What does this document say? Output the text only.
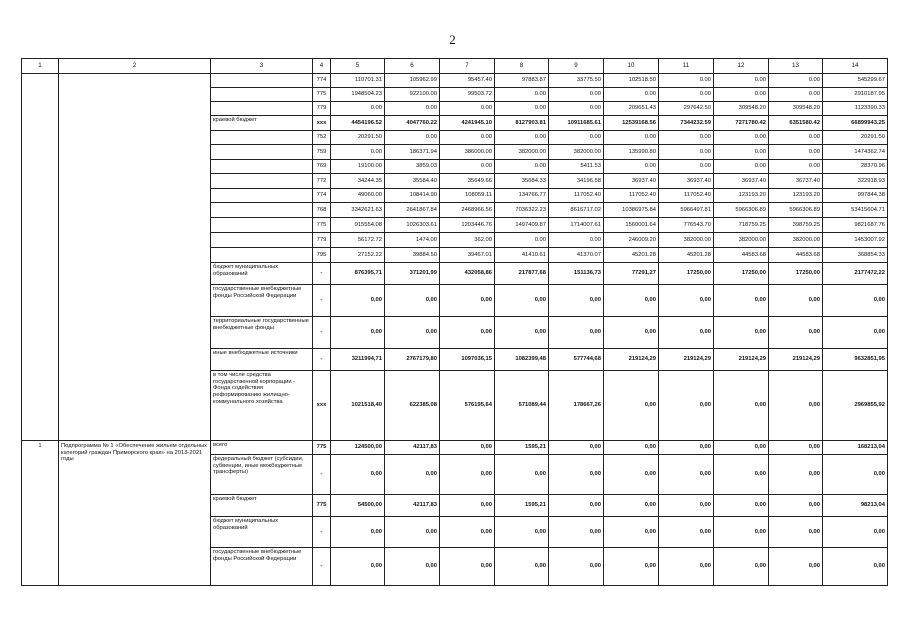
2
1	2	3	4	5	6	7	8	9	10	11	12	13	14
			774	110701.31	105962.99	95457.40	97883.87	33775.50	102518.50	0.00	0.00	0.00	545299.67
			775	1948504.23	922100.00	99503.72	0.00	0.00	0.00	0.00	0.00	0.00	2910187.95
			779	0.00	0.00	0.00	0.00	0.00	209651.43	297642.50	309548.20	309548.20	1123390.33
		краевой бюджет	ххх	4454196.52	4047760.22	4241945.10	8127903.81	10911685.61	12539168.56	7344232.59	7271780.42	6351580.42	66899943.25
			752	20291.50	0.00	0.00	0.00	0.00	0.00	0.00	0.00	0.00	20291.50
			759	0.00	186371.94	386000.00	382000.00	382000.00	135990.80	0.00	0.00	0.00	1474362.74
			769	19100.00	3859.03	0.00	0.00	5411.53	0.00	0.00	0.00	0.00	28370.96
			772	34244.35	35584.40	35649.66	35684.33	34196.58	36937.40	36937.40	36937.40	36737.40	322918.93
			774	49060.00	108414.90	108059.11	134766.77	117052.40	117052.40	117052.40	123193.20	123193.20	997844.38
			768	3342621.63	2641867.84	2468966.56	7036322.23	8616717.02	10386975.84	5966497.81	5966306.89	5966306.89	53415604.71
			775	915554.08	1026303.61	1203446.76	1497409.87	1714007.61	1560001.64	776543.70	718759.25	398759.25	9821687.76
			779	56172.72	1474.00	362.00	0.00	0.00	246009.20	382000.00	382000.00	382000.00	1453007.92
			795	27152.22	39884.50	39467.01	41410.61	41370.07	45201.28	45201.28	44583.68	44583.68	368854.33
		бюджет муниципальных образований	-	876395,71	371201,99	432058,86	217877,68	151136,73	77291,27	17250,00	17250,00	17250,00	2177472,22
		государственные внебюджетные фонды Российской Федерации	-	0,00	0,00	0,00	0,00	0,00	0,00	0,00	0,00	0,00	0,00
		территориальные государственные внебюджетные фонды	-	0,00	0,00	0,00	0,00	0,00	0,00	0,00	0,00	0,00	0,00
		иные внебюджетные источники	-	3211994,71	2767179,80	1097036,15	1082399,48	577744,68	219124,29	219124,29	219124,29	219124,29	9632851,95
		в том числе средства государственной корпорации - Фонда содействия реформированию жилищно-коммунального хозяйства	ххх	1021518,40	622385,08	576195,64	571089,44	178667,26	0,00	0,00	0,00	0,00	2969855,92
1	Подпрограмма № 1 «Обеспечение жильем отдельных категорий граждан Приморского края» на 2013-2021 годы	всего	775	124500,00	42117,83	0,00	1595,21	0,00	0,00	0,00	0,00	0,00	168213,04
		федеральный бюджет (субсидии, субвенции, иные межбюджетные трансферты)	-	0,00	0,00	0,00	0,00	0,00	0,00	0,00	0,00	0,00	0,00
		краевой бюджет	775	54500,00	42117,83	0,00	1595,21	0,00	0,00	0,00	0,00	0,00	98213,04
		бюджет муниципальных образований	-	0,00	0,00	0,00	0,00	0,00	0,00	0,00	0,00	0,00	0,00
		государственные внебюджетные фонды Российской Федерации	-	0,00	0,00	0,00	0,00	0,00	0,00	0,00	0,00	0,00	0,00
